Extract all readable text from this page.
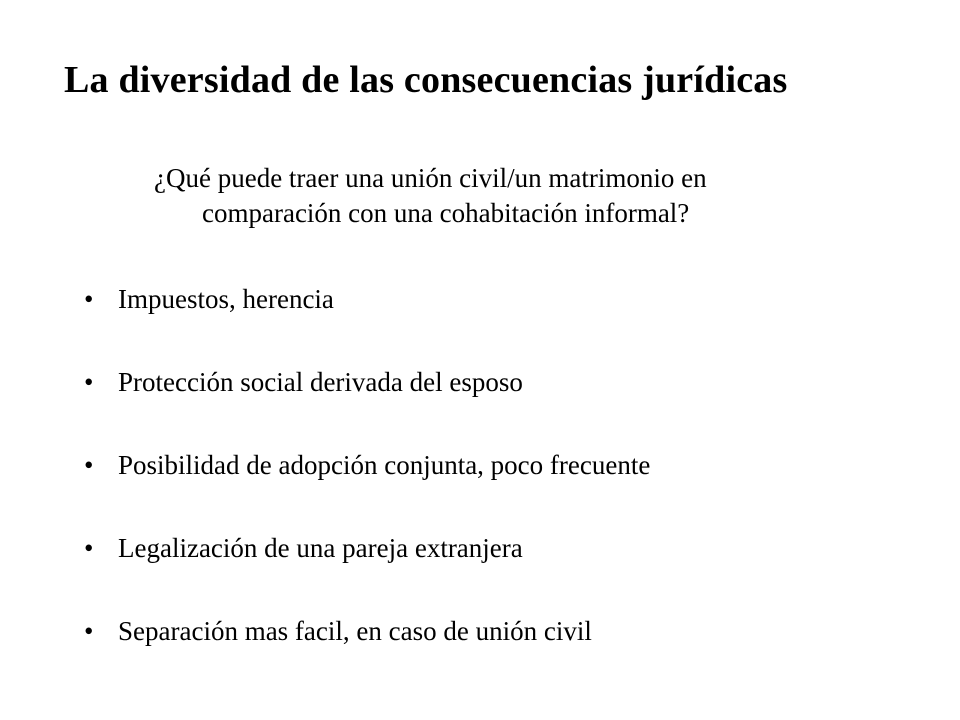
La diversidad de las consecuencias jurídicas
¿Qué puede traer una unión civil/un matrimonio en
comparación con una cohabitación informal?
• Impuestos, herencia
• Protección social derivada del esposo
• Posibilidad de adopción conjunta, poco frecuente
• Legalización de una pareja extranjera
• Separación mas facil, en caso de unión civil
